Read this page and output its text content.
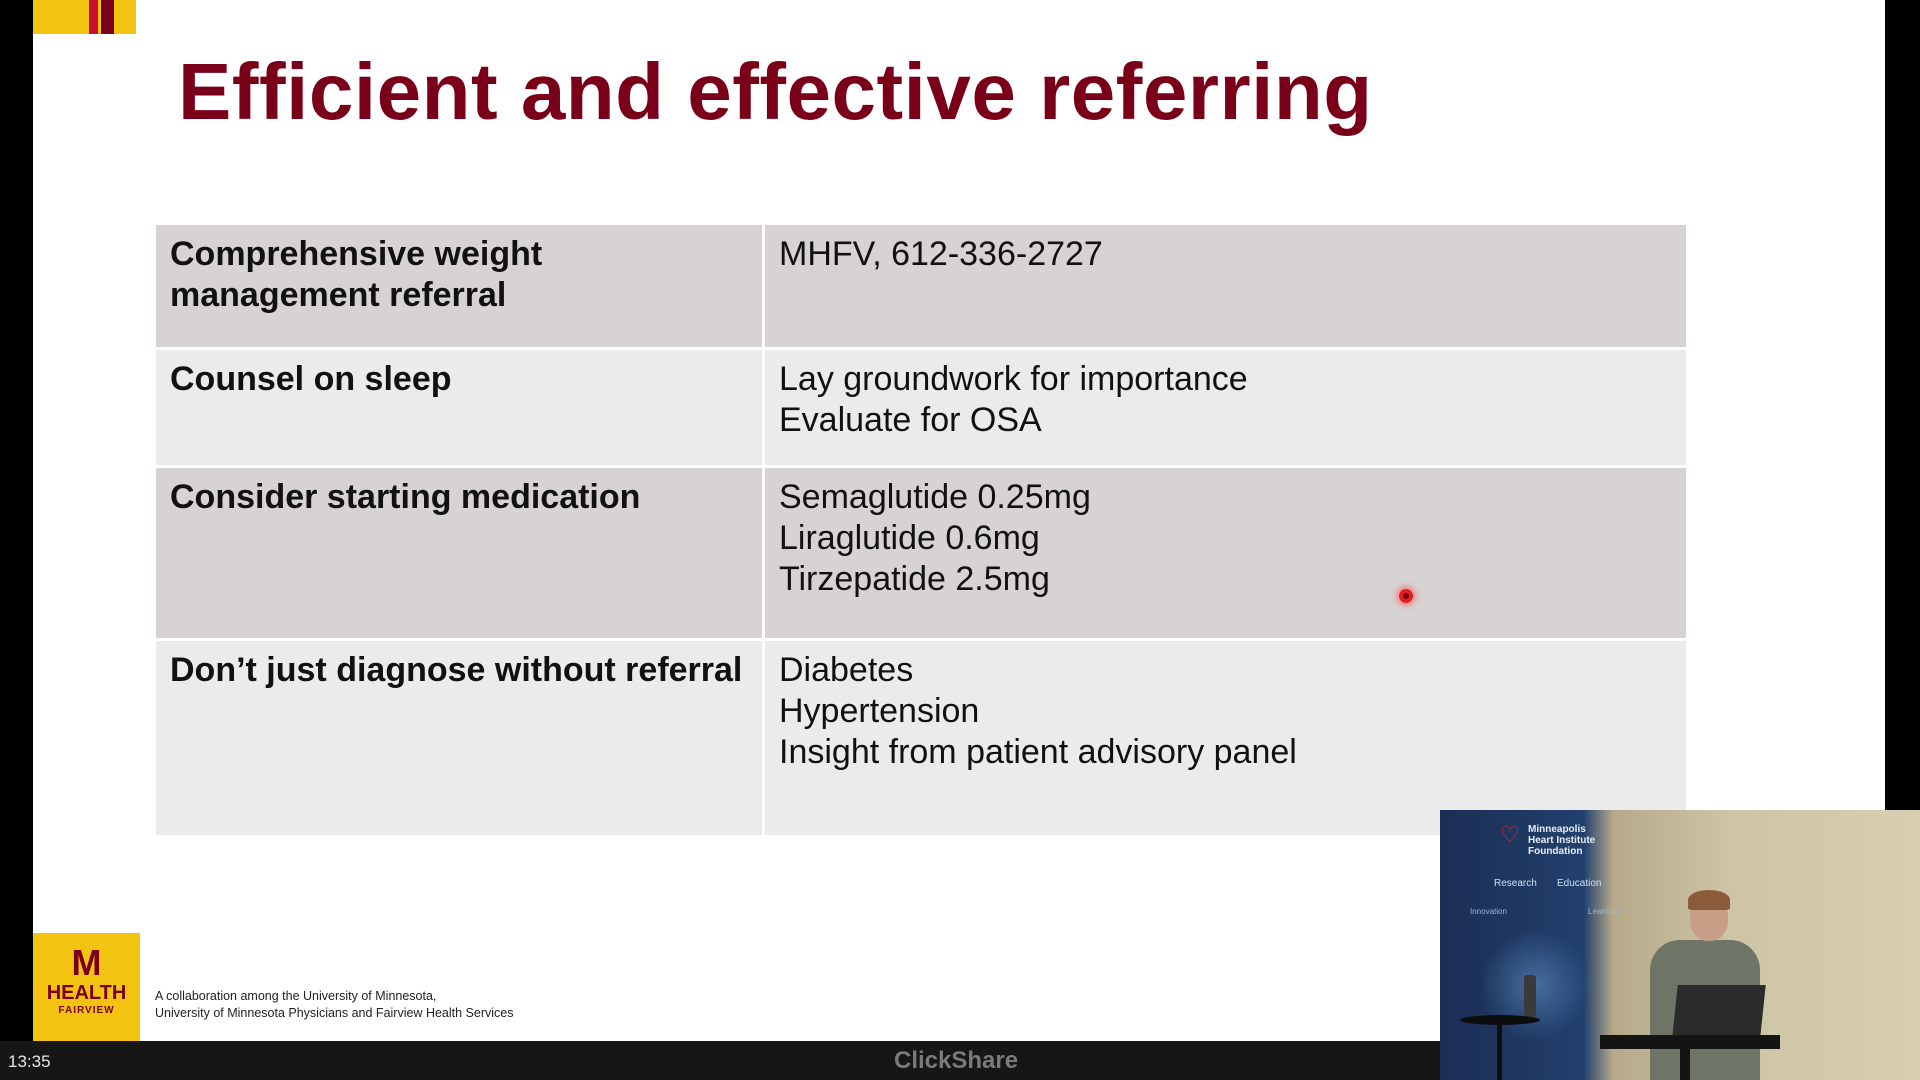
Efficient and effective referring
Comprehensive weight management referral	MHFV, 612-336-2727

Counsel on sleep	Lay groundwork for importance
Evaluate for OSA

Consider starting medication	Semaglutide 0.25mg
Liraglutide 0.6mg
Tirzepatide 2.5mg

Don’t just diagnose without referral	Diabetes
Hypertension
Insight from patient advisory panel
M
HEALTH
FAIRVIEW
A collaboration among the University of Minnesota,
University of Minnesota Physicians and Fairview Health Services
13:35	ClickShare
♡ Minneapolis
Heart Institute
Foundation
Research Education
Innovation	Learning
